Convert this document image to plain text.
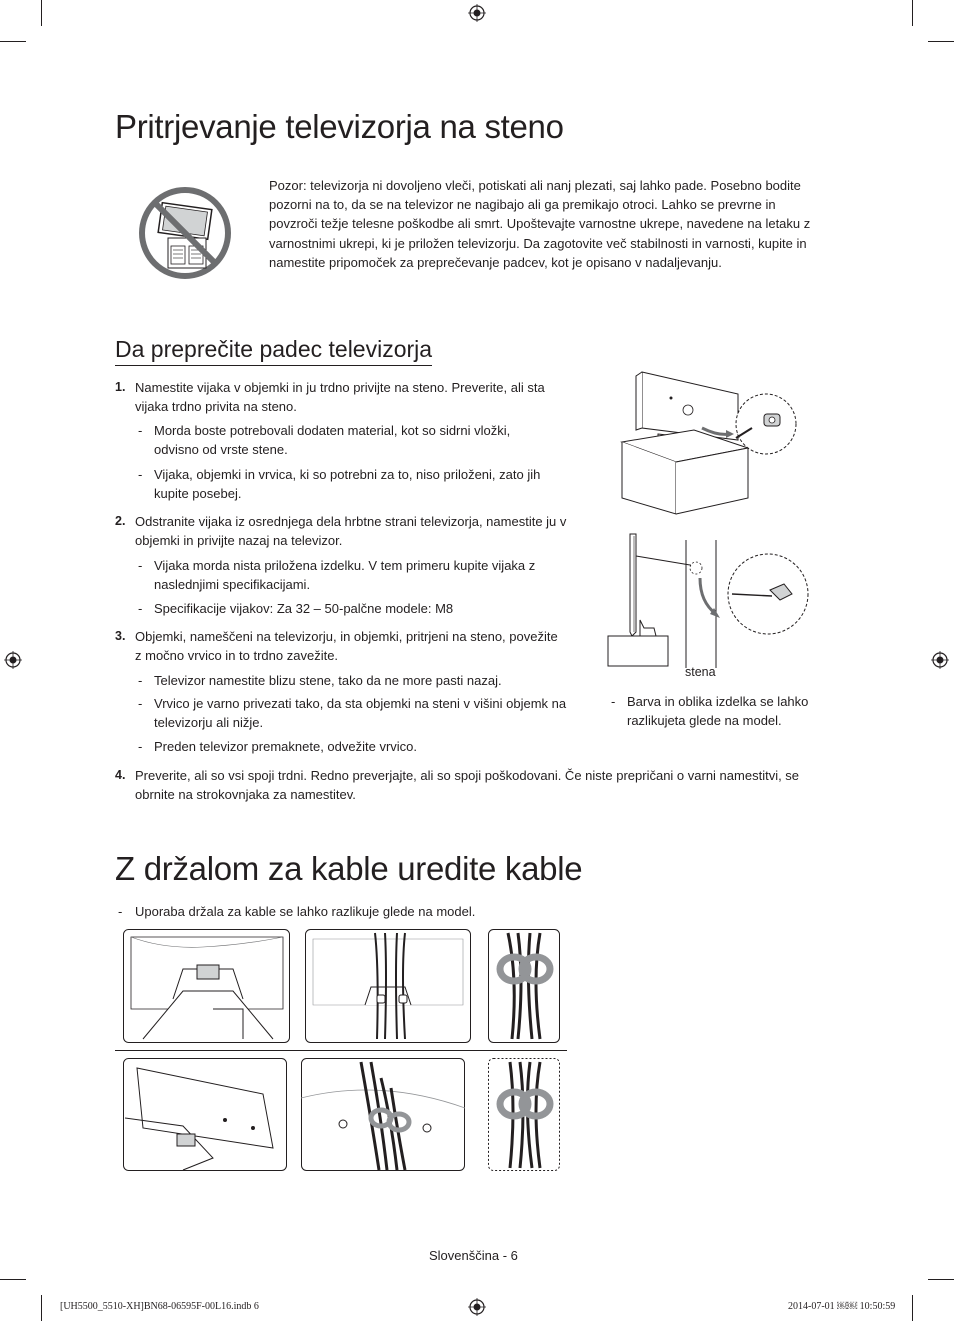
Pritrjevanje televizorja na steno
Pozor: televizorja ni dovoljeno vleči, potiskati ali nanj plezati, saj lahko pade. Posebno bodite pozorni na to, da se na televizor ne nagibajo ali ga premikajo otroci. Lahko se prevrne in povzroči težje telesne poškodbe ali smrt. Upoštevajte varnostne ukrepe, navedene na letaku z varnostnimi ukrepi, ki je priložen televizorju. Da zagotovite več stabilnosti in varnosti, kupite in namestite pripomoček za preprečevanje padcev, kot je opisano v nadaljevanju.
Da preprečite padec televizorja
1. Namestite vijaka v objemki in ju trdno privijte na steno. Preverite, ali sta vijaka trdno privita na steno.
- Morda boste potrebovali dodaten material, kot so sidrni vložki, odvisno od vrste stene.
- Vijaka, objemki in vrvica, ki so potrebni za to, niso priloženi, zato jih kupite posebej.
2. Odstranite vijaka iz osrednjega dela hrbtne strani televizorja, namestite ju v objemki in privijte nazaj na televizor.
- Vijaka morda nista priložena izdelku. V tem primeru kupite vijaka z naslednjimi specifikacijami.
- Specifikacije vijakov: Za 32 – 50-palčne modele: M8
3. Objemki, nameščeni na televizorju, in objemki, pritrjeni na steno, povežite z močno vrvico in to trdno zavežite.
- Televizor namestite blizu stene, tako da ne more pasti nazaj.
- Vrvico je varno privezati tako, da sta objemki na steni v višini objemk na televizorju ali nižje.
- Preden televizor premaknete, odvežite vrvico.
4. Preverite, ali so vsi spoji trdni. Redno preverjajte, ali so spoji poškodovani. Če niste prepričani o varni namestitvi, se obrnite na strokovnjaka za namestitev.
stena
- Barva in oblika izdelka se lahko razlikujeta glede na model.
Z držalom za kable uredite kable
- Uporaba držala za kable se lahko razlikuje glede na model.
Slovenščina - 6
[UH5500_5510-XH]BN68-06595F-00L16.indb 6	2014-07-01 ￼￼ 10:50:59
